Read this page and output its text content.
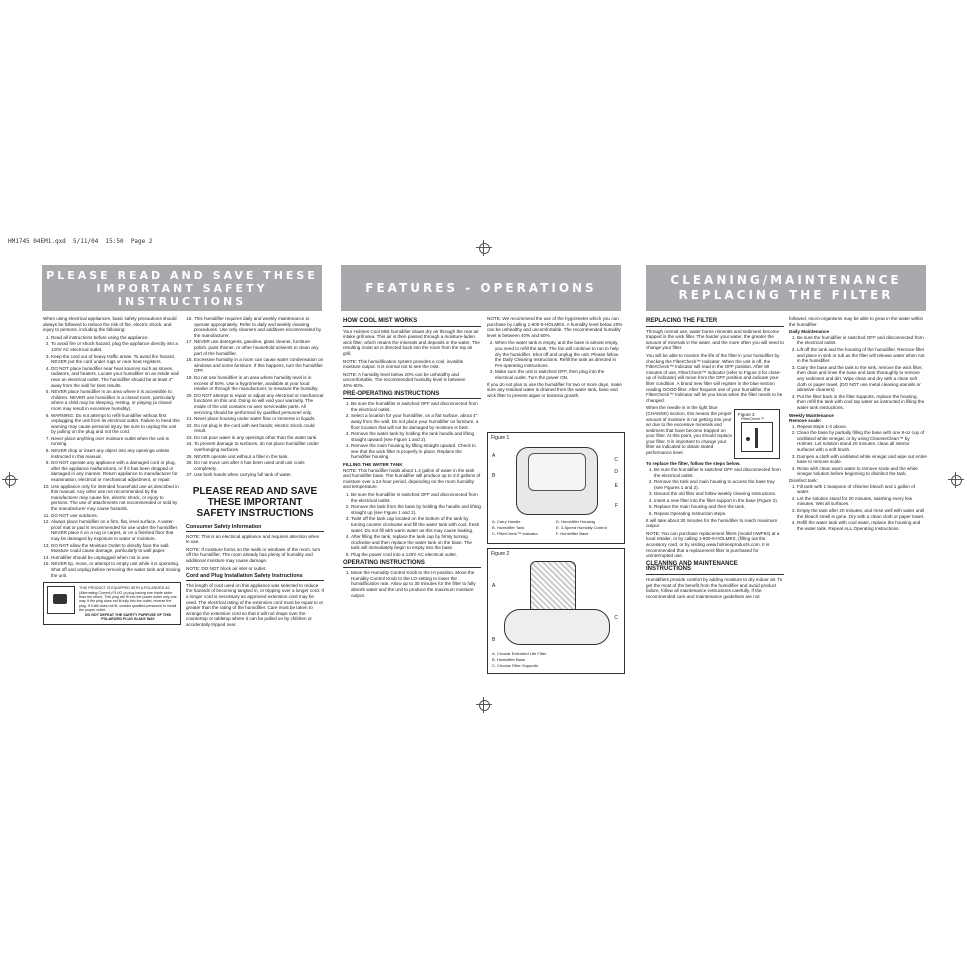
HM1745 04EM1.qxd  5/11/04  15:50  Page 2
PLEASE READ AND SAVE THESE
IMPORTANT SAFETY INSTRUCTIONS
FEATURES - OPERATIONS
CLEANING/MAINTENANCE
REPLACING THE FILTER

When using electrical appliances, basic safety precautions should always be followed to reduce the risk of fire, electric shock, and injury to persons, including the following:

1. Read all instructions before using the appliance.
2. To avoid fire or shock hazard, plug the appliance directly into a 120V AC electrical outlet.
3. Keep the cord out of heavy traffic areas. To avoid fire hazard, NEVER put the cord under rugs or near heat registers.
4. DO NOT place humidifier near heat sources such as stoves, radiators, and heaters. Locate your humidifier on an inside wall near an electrical outlet. The humidifier should be at least 4" away from the wall for best results.
5. NEVER place humidifier in an area where it is accessible to children. NEVER use humidifier in a closed room, particularly where a child may be sleeping, resting, or playing (a closed room may result in excessive humidity).
6. WARNING: Do not attempt to refill humidifier without first unplugging the unit from its electrical outlet. Failure to heed this warning may cause personal injury. Be sure to unplug the unit by pulling on the plug and not the cord.
7. Never place anything over moisture outlet when the unit is running.
8. NEVER drop or insert any object into any openings unless instructed in this manual.
9. DO NOT operate any appliance with a damaged cord or plug, after the appliance malfunctions, or if it has been dropped or damaged in any manner. Return appliance to manufacturer for examination, electrical or mechanical adjustment, or repair.
10. Use appliance only for intended household use as described in this manual. Any other use not recommended by the manufacturer may cause fire, electric shock, or injury to persons. The use of attachments not recommended or sold by the manufacturer may cause hazards.
11. DO NOT use outdoors.
12. Always place humidifier on a firm, flat, level surface. A water-proof mat or pad is recommended for use under the humidifier. NEVER place it on a rug or carpet, or on a finished floor that may be damaged by exposure to water or moisture.
13. DO NOT allow the Moisture Outlet to directly face the wall. Moisture could cause damage, particularly to wall paper.
14. Humidifier should be unplugged when not in use.
15. NEVER tip, move, or attempt to empty unit while it is operating. Shut off and unplug before removing the water tank and moving the unit.
THIS PRODUCT IS EQUIPPED WITH A POLARIZED AC (Alternating Current) PLUG (a plug having one blade wider than the other). This plug will fit into the power outlet only one way. If the plug does not fit fully into the outlet, reverse the plug. If it still does not fit, contact qualified personnel to install the proper outlet.
DO NOT DEFEAT THE SAFETY PURPOSE OF THIS POLARIZED PLUG IN ANY WAY
16. This humidifier requires daily and weekly maintenance to operate appropriately. Refer to daily and weekly cleaning procedures. Use only cleaners and additives recommended by the manufacturer.
17. NEVER use detergents, gasoline, glass cleaner, furniture polish, paint thinner, or other household solvents to clean any part of the humidifier.
18. Excessive humidity in a room can cause water condensation on windows and some furniture. If this happens, turn the humidifier OFF.
19. Do not use humidifier in an area where humidity level is in excess of 50%. Use a hygrometer, available at your local retailer or through the manufacturer, to measure the humidity.
20. DO NOT attempt to repair or adjust any electrical or mechanical functions on this unit. Doing so will void your warranty. The inside of the unit contains no user serviceable parts. All servicing should be performed by qualified personnel only.
21. Never place housing under water flow or immerse in liquids.
22. Do not plug in the cord with wet hands; electric shock could result.
23. Do not pour water in any openings other than the water tank.
24. To prevent damage to surfaces, do not place humidifier under overhanging surfaces.
25. NEVER operate unit without a filter in the tank.
26. Do not move unit after it has been used until unit cools completely.
27. Use both hands when carrying full tank of water.
PLEASE READ AND SAVE
THESE IMPORTANT
SAFETY INSTRUCTIONS
Consumer Safety Information

NOTE: This is an electrical appliance and requires attention when in use.

NOTE: If moisture forms on the walls or windows of the room, turn off the humidifier. The room already has plenty of humidity and additional moisture may cause damage.

NOTE: DO NOT block air inlet or outlet.

Cord and Plug Installation Safety Instructions

The length of cord used on this appliance was selected to reduce the hazards of becoming tangled in, or tripping over a longer cord. If a longer cord is necessary an approved extension cord may be used. The electrical rating of the extension cord must be equal to or greater than the rating of the humidifier. Care must be taken to arrange the extension cord so that it will not drape over the countertop or tabletop where it can be pulled on by children or accidentally tripped over.

HOW COOL MIST WORKS

Your Holmes Cool Mist humidifier draws dry air through the rear air intake grill area. This air is then passed through a moisture-laden wick filter, which retains the minerals and deposits in the water. The resulting moist air is directed back into the room from the top air grill.

NOTE: This humidification system provides a cool, invisible moisture output. It is normal not to see the mist.

NOTE: A humidity level below 20% can be unhealthy and uncomfortable. The recommended humidity level is between 40%-50%.

PRE-OPERATING INSTRUCTIONS
1. Be sure the humidifier is switched OFF and disconnected from the electrical outlet.
2. Select a location for your humidifier, on a flat surface, about 4" away from the wall. Do not place your humidifier on furniture, a floor location that will not be damaged by moisture is best.
3. Remove the water tank by holding the tank handle and lifting straight upward (see Figure 1 and 2).
4. Remove the main housing by lifting straight upward. Check to see that the wick filter is properly in place. Replace the humidifier housing.
FILLING THE WATER TANK

NOTE: This humidifier holds about 1.4 gallon of water in the tank and humidifier base. The humidifier will produce up to 3.0 gallons of moisture over a 24-hour period, depending on the room humidity and temperature.

1. Be sure the humidifier is switched OFF and disconnected from the electrical outlet.
2. Remove the tank from the base by holding the handle and lifting straight up (see Figure 1 and 2).
3. Twist off the tank cap located on the bottom of the tank by turning counter clockwise and fill the water tank with cool, fresh water. Do not fill with warm water as this may cause leaking.
4. After filling the tank, replace the tank cap by firmly turning clockwise and then replace the water tank on the base. The tank will immediately begin to empty into the base.
5. Plug the power cord into a 120V AC electrical outlet.
OPERATING INSTRUCTIONS
1. Move the Humidity Control Knob to the HI position. Move the Humidity Control Knob to the LO setting to lower the humidification rate. Allow up to 30 minutes for the filter to fully absorb water and the unit to produce the maximum moisture output.

NOTE: We recommend the use of the hygrometer which you can purchase by calling 1-800-5-HOLMES. A humidity level below 20% can be unhealthy and uncomfortable. The recommended humidity level is between 40% and 50%.

2. When the water tank is empty, and the base is almost empty, you need to refill the tank. The fan will continue to run to help dry the humidifier. Shut off and unplug the unit. Please follow the Daily Cleaning Instructions. Refill the tank as directed in Pre-operating Instructions.
3. Make sure the unit is switched OFF, then plug into the electrical outlet. Turn the power ON.

If you do not plan to use the humidifier for two or more days, make sure any residual water is drained from the water tank, base and wick filter to prevent algae or bacteria growth.

Figure 1
A
B
C
D
E
F
A. Carry Handle
B. Humidifier Tank
C. FilterCheck™ Indicator
D. Humidifier Housing
E. 3-Speed Humidity Control
F. Humidifier Base
Figure 2
A
B
C
A. Circular Extended Life Filter
B. Humidifier Base
C. Circular Filter Supports
REPLACING THE FILTER

Through normal use, water borne minerals and sediment become trapped in the wick filter. The harder your water, the greater the amount of minerals in the water, and the more often you will need to change your filter.

You will be able to monitor the life of the filter in your humidifier by checking the FilterCheck™ Indicator. When the unit is off, the FilterCheck™ Indicator will read in the OFF position. After 60 minutes of use, FilterCheck™ Indicator (refer to Figure 3 for close-up of indicator) will move from the OFF position and indicate your filter condition. A brand new filter will register in the blue section reading GOOD filter. After frequent use of your humidifier, the FilterCheck™ Indicator will let you know when the filter needs to be changed.

Figure 3
FilterCheck™

When the needle is in the light blue (CHANGE) section, this means the proper amount of moisture is not getting into your air due to the excessive minerals and sediment that have become trapped on your filter. At this point, you should replace your filter. It is important to change your filter as indicated to obtain stated performance level.

To replace the filter, follow the steps below.
1. Be sure the humidifier is switched OFF and disconnected from the electrical outlet.
2. Remove the tank and main housing to access the base tray (see Figures 1 and 2).
3. Discard the old filter and follow weekly cleaning instructions.
4. Insert a new filter into the filter support in the base (Figure 2).
5. Replace the main housing and then the tank.
6. Repeat Operating Instruction steps.

It will take about 30 minutes for the humidifier to reach maximum output.

NOTE: You can purchase replacement filters (model HWF64) at a local retailer, or by calling 1-800-5-HOLMES, (filling out the accessory card, or by visiting www.holmesproducts.com. It is recommended that a replacement filter is purchased for uninterrupted use.

CLEANING AND MAINTENANCE INSTRUCTIONS

Humidifiers provide comfort by adding moisture to dry indoor air. To get the most of the benefit from the humidifier and avoid product failure, follow all maintenance instructions carefully. If the recommended care and maintenance guidelines are not

followed, micro-organisms may be able to grow in the water within the humidifier.

Daily Maintenance
1. Be sure the humidifier is switched OFF and disconnected from the electrical outlet.
2. Lift off the tank and the housing of the humidifier. Remove filter and place in sink or tub as the filter will release water when not in the humidifier.
3. Carry the base and the tank to the sink, remove the wick filter, then drain and rinse the base and tank thoroughly to remove any sediment and dirt. Wipe clean and dry with a clean soft cloth or paper towel. (DO NOT use metal cleaning utensils or abrasive cleaners)
4. Put the filter back in the filter supports, replace the housing, then refill the tank with cool tap water as instructed in filling the water tank instructions.
Weekly Maintenance
Remove scale:
1. Repeat steps 1-3 above.
2. Clean the base by partially filling the base with one 8-oz cup of undiluted white vinegar, or by using CleanseClean™ by Holmes. Let solution stand 20 minutes, clean all interior surfaces with a soft brush.
3. Dampen a cloth with undiluted white vinegar and wipe out entire base to remove scale.
4. Rinse with clean warm water to remove scale and the white vinegar solution before beginning to disinfect the tank.
Disinfect tank:
1. Fill tank with 1 teaspoon of chlorine bleach and 1 gallon of water.
2. Let the solution stand for 20 minutes, swishing every few minutes. Wet all surfaces.
3. Empty the tank after 20 minutes, and rinse well with water until the bleach smell is gone. Dry with a clean cloth or paper towel.
4. Refill the water tank with cool water, replace the housing and the water tank. Repeat ALL Operating Instructions.
